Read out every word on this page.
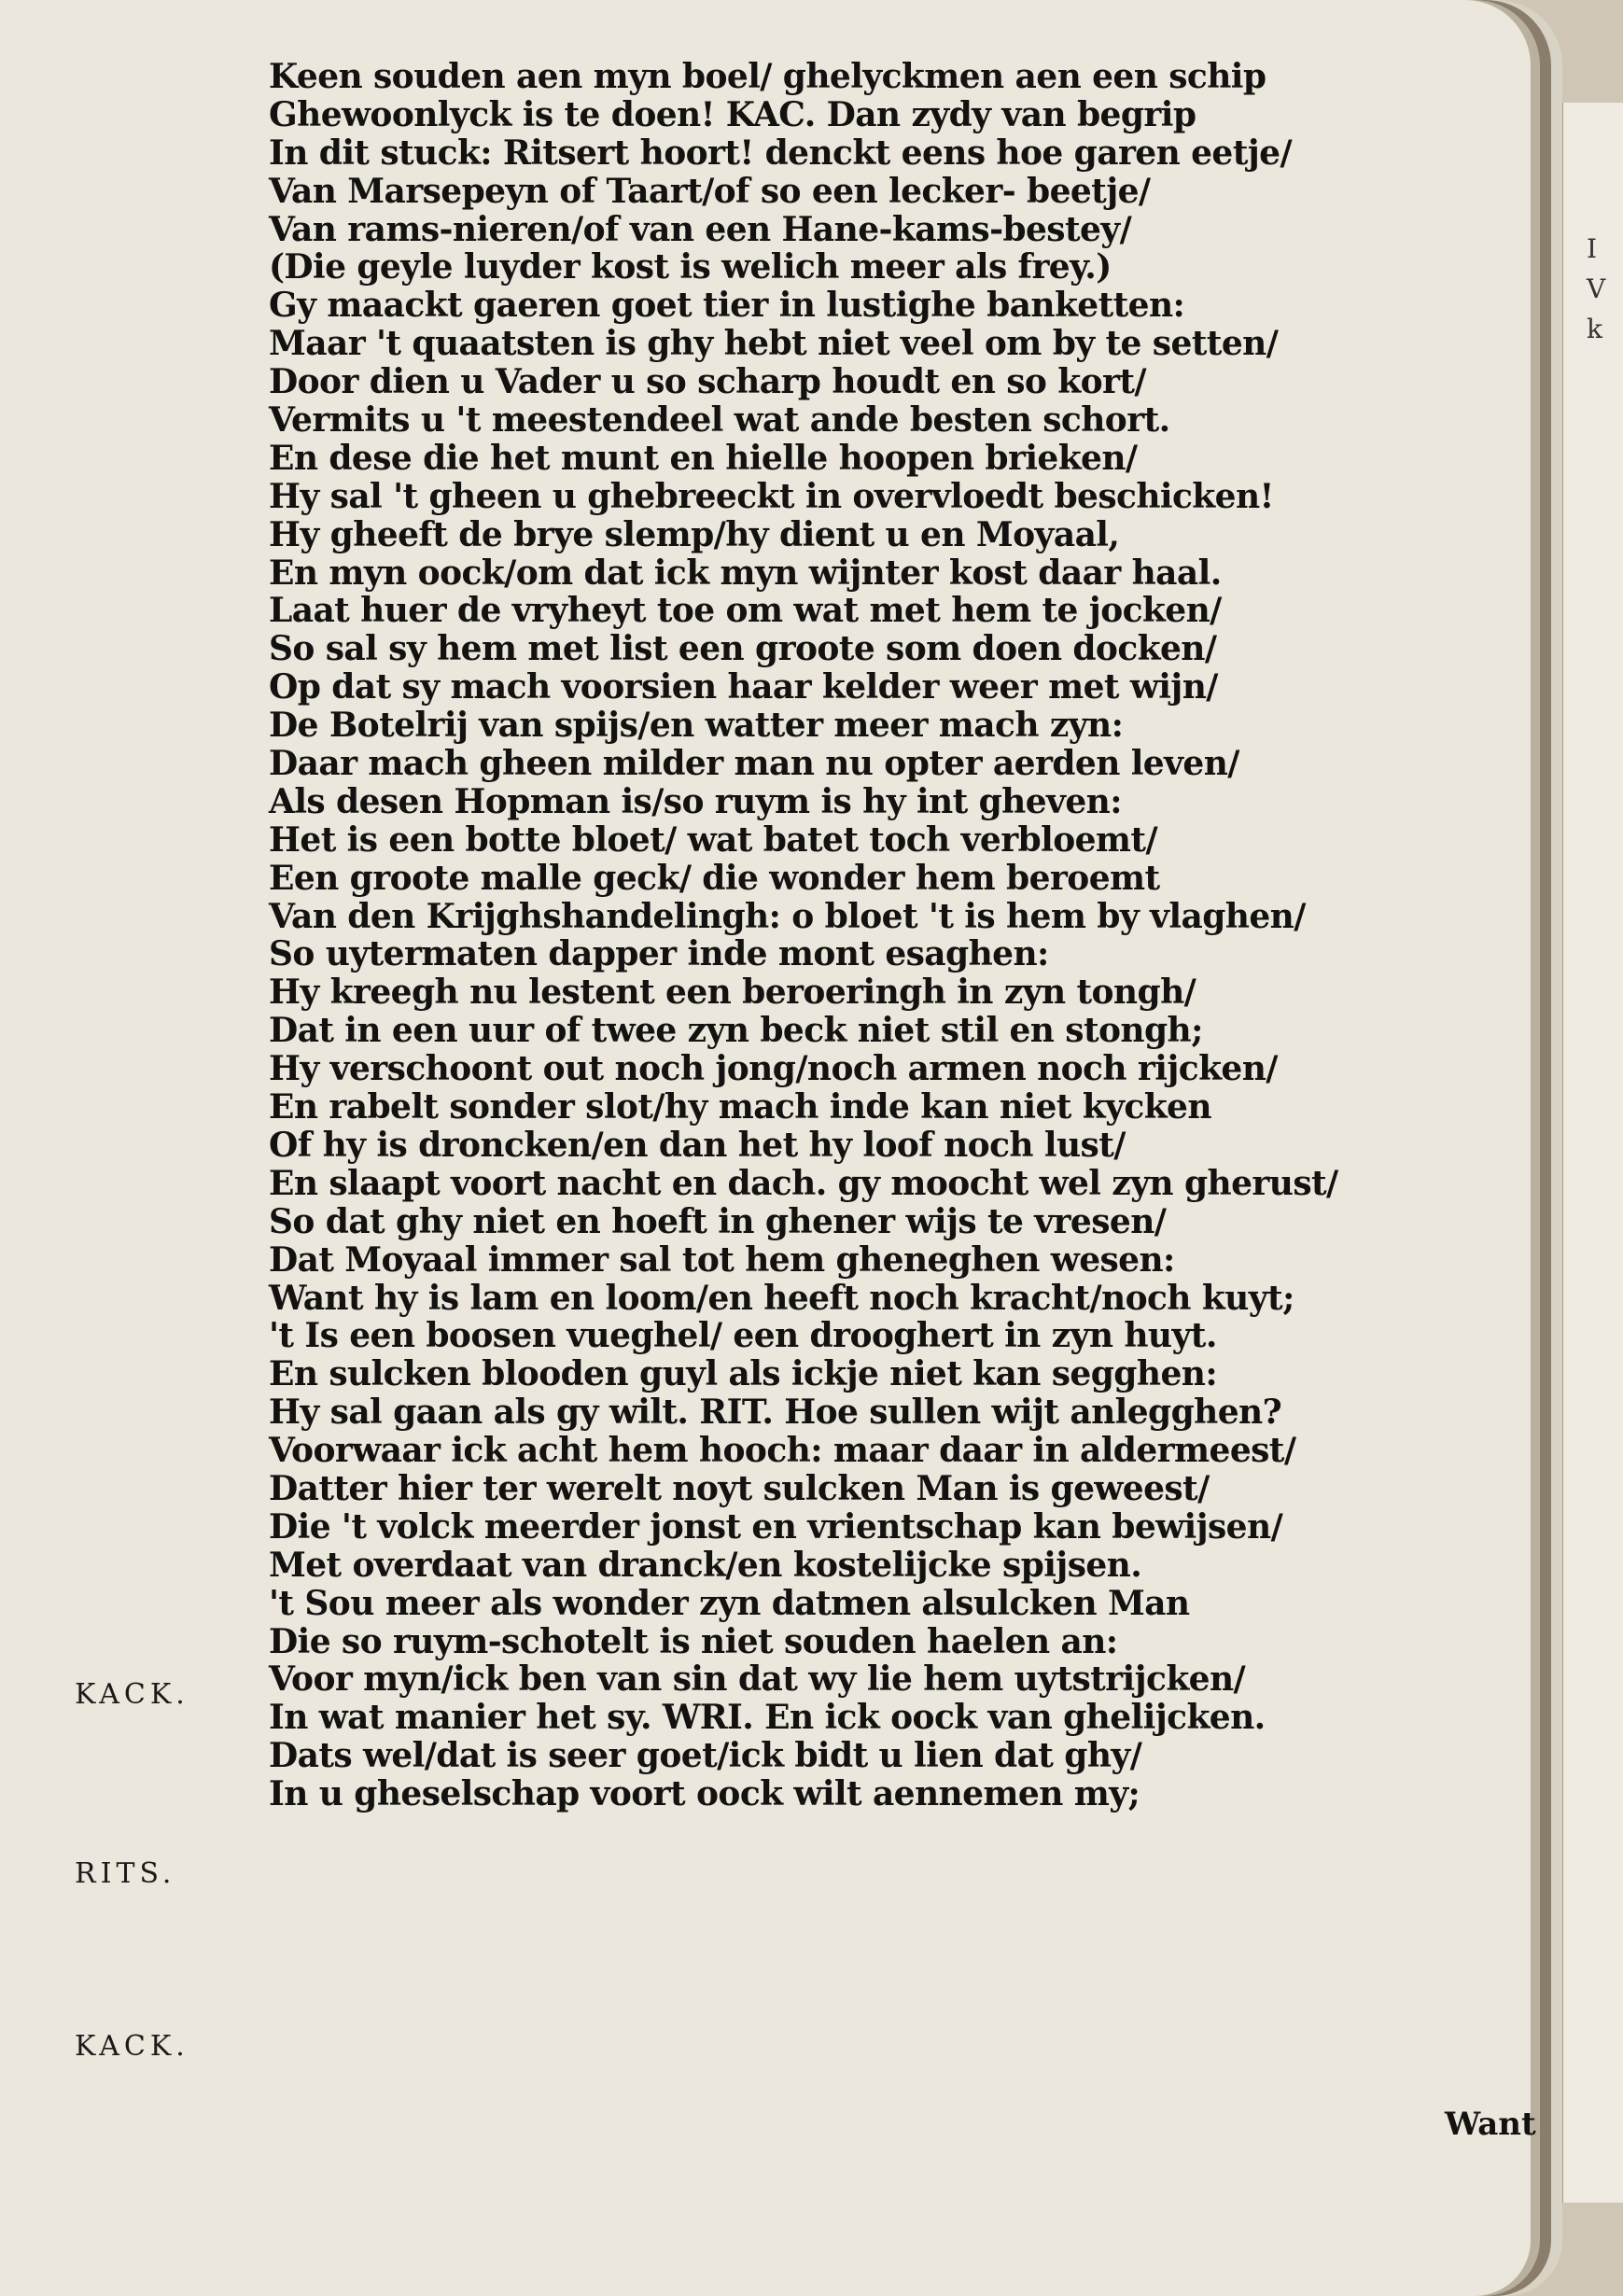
I
V
k
Keen souden aen myn boel/ ghelyckmen aen een schip
Ghewoonlyck is te doen! KAC. Dan zydy van begrip
In dit stuck: Ritsert hoort! denckt eens hoe garen eetje/
Van Marsepeyn of Taart/of so een lecker- beetje/
Van rams-nieren/of van een Hane-kams-bestey/
(Die geyle luyder kost is welich meer als frey.)
Gy maackt gaeren goet tier in lustighe banketten:
Maar 't quaatsten is ghy hebt niet veel om by te setten/
Door dien u Vader u so scharp houdt en so kort/
Vermits u 't meestendeel wat ande besten schort.
En dese die het munt en hielle hoopen brieken/
Hy sal 't gheen u ghebreeckt in overvloedt beschicken!
Hy gheeft de brye slemp/hy dient u en Moyaal,
En myn oock/om dat ick myn wijnter kost daar haal.
Laat huer de vryheyt toe om wat met hem te jocken/
So sal sy hem met list een groote som doen docken/
Op dat sy mach voorsien haar kelder weer met wijn/
De Botelrij van spijs/en watter meer mach zyn:
Daar mach gheen milder man nu opter aerden leven/
Als desen Hopman is/so ruym is hy int gheven:
Het is een botte bloet/ wat batet toch verbloemt/
Een groote malle geck/ die wonder hem beroemt
Van den Krijghshandelingh: o bloet 't is hem by vlaghen/
So uytermaten dapper inde mont esaghen:
Hy kreegh nu lestent een beroeringh in zyn tongh/
Dat in een uur of twee zyn beck niet stil en stongh;
Hy verschoont out noch jong/noch armen noch rijcken/
En rabelt sonder slot/hy mach inde kan niet kycken
Of hy is droncken/en dan het hy loof noch lust/
En slaapt voort nacht en dach. gy moocht wel zyn gherust/
So dat ghy niet en hoeft in ghener wijs te vresen/
Dat Moyaal immer sal tot hem gheneghen wesen:
Want hy is lam en loom/en heeft noch kracht/noch kuyt;
't Is een boosen vueghel/ een drooghert in zyn huyt.
En sulcken blooden guyl als ickje niet kan segghen:
Hy sal gaan als gy wilt. RIT. Hoe sullen wijt anlegghen?
Voorwaar ick acht hem hooch: maar daar in aldermeest/
Datter hier ter werelt noyt sulcken Man is geweest/
Die 't volck meerder jonst en vrientschap kan bewijsen/
Met overdaat van dranck/en kostelijcke spijsen.
't Sou meer als wonder zyn datmen alsulcken Man
Die so ruym-schotelt is niet souden haelen an:
Voor myn/ick ben van sin dat wy lie hem uytstrijcken/
In wat manier het sy. WRI. En ick oock van ghelijcken.
Dats wel/dat is seer goet/ick bidt u lien dat ghy/
In u gheselschap voort oock wilt aennemen my;
KACK.
RITS.
KACK.
Want
